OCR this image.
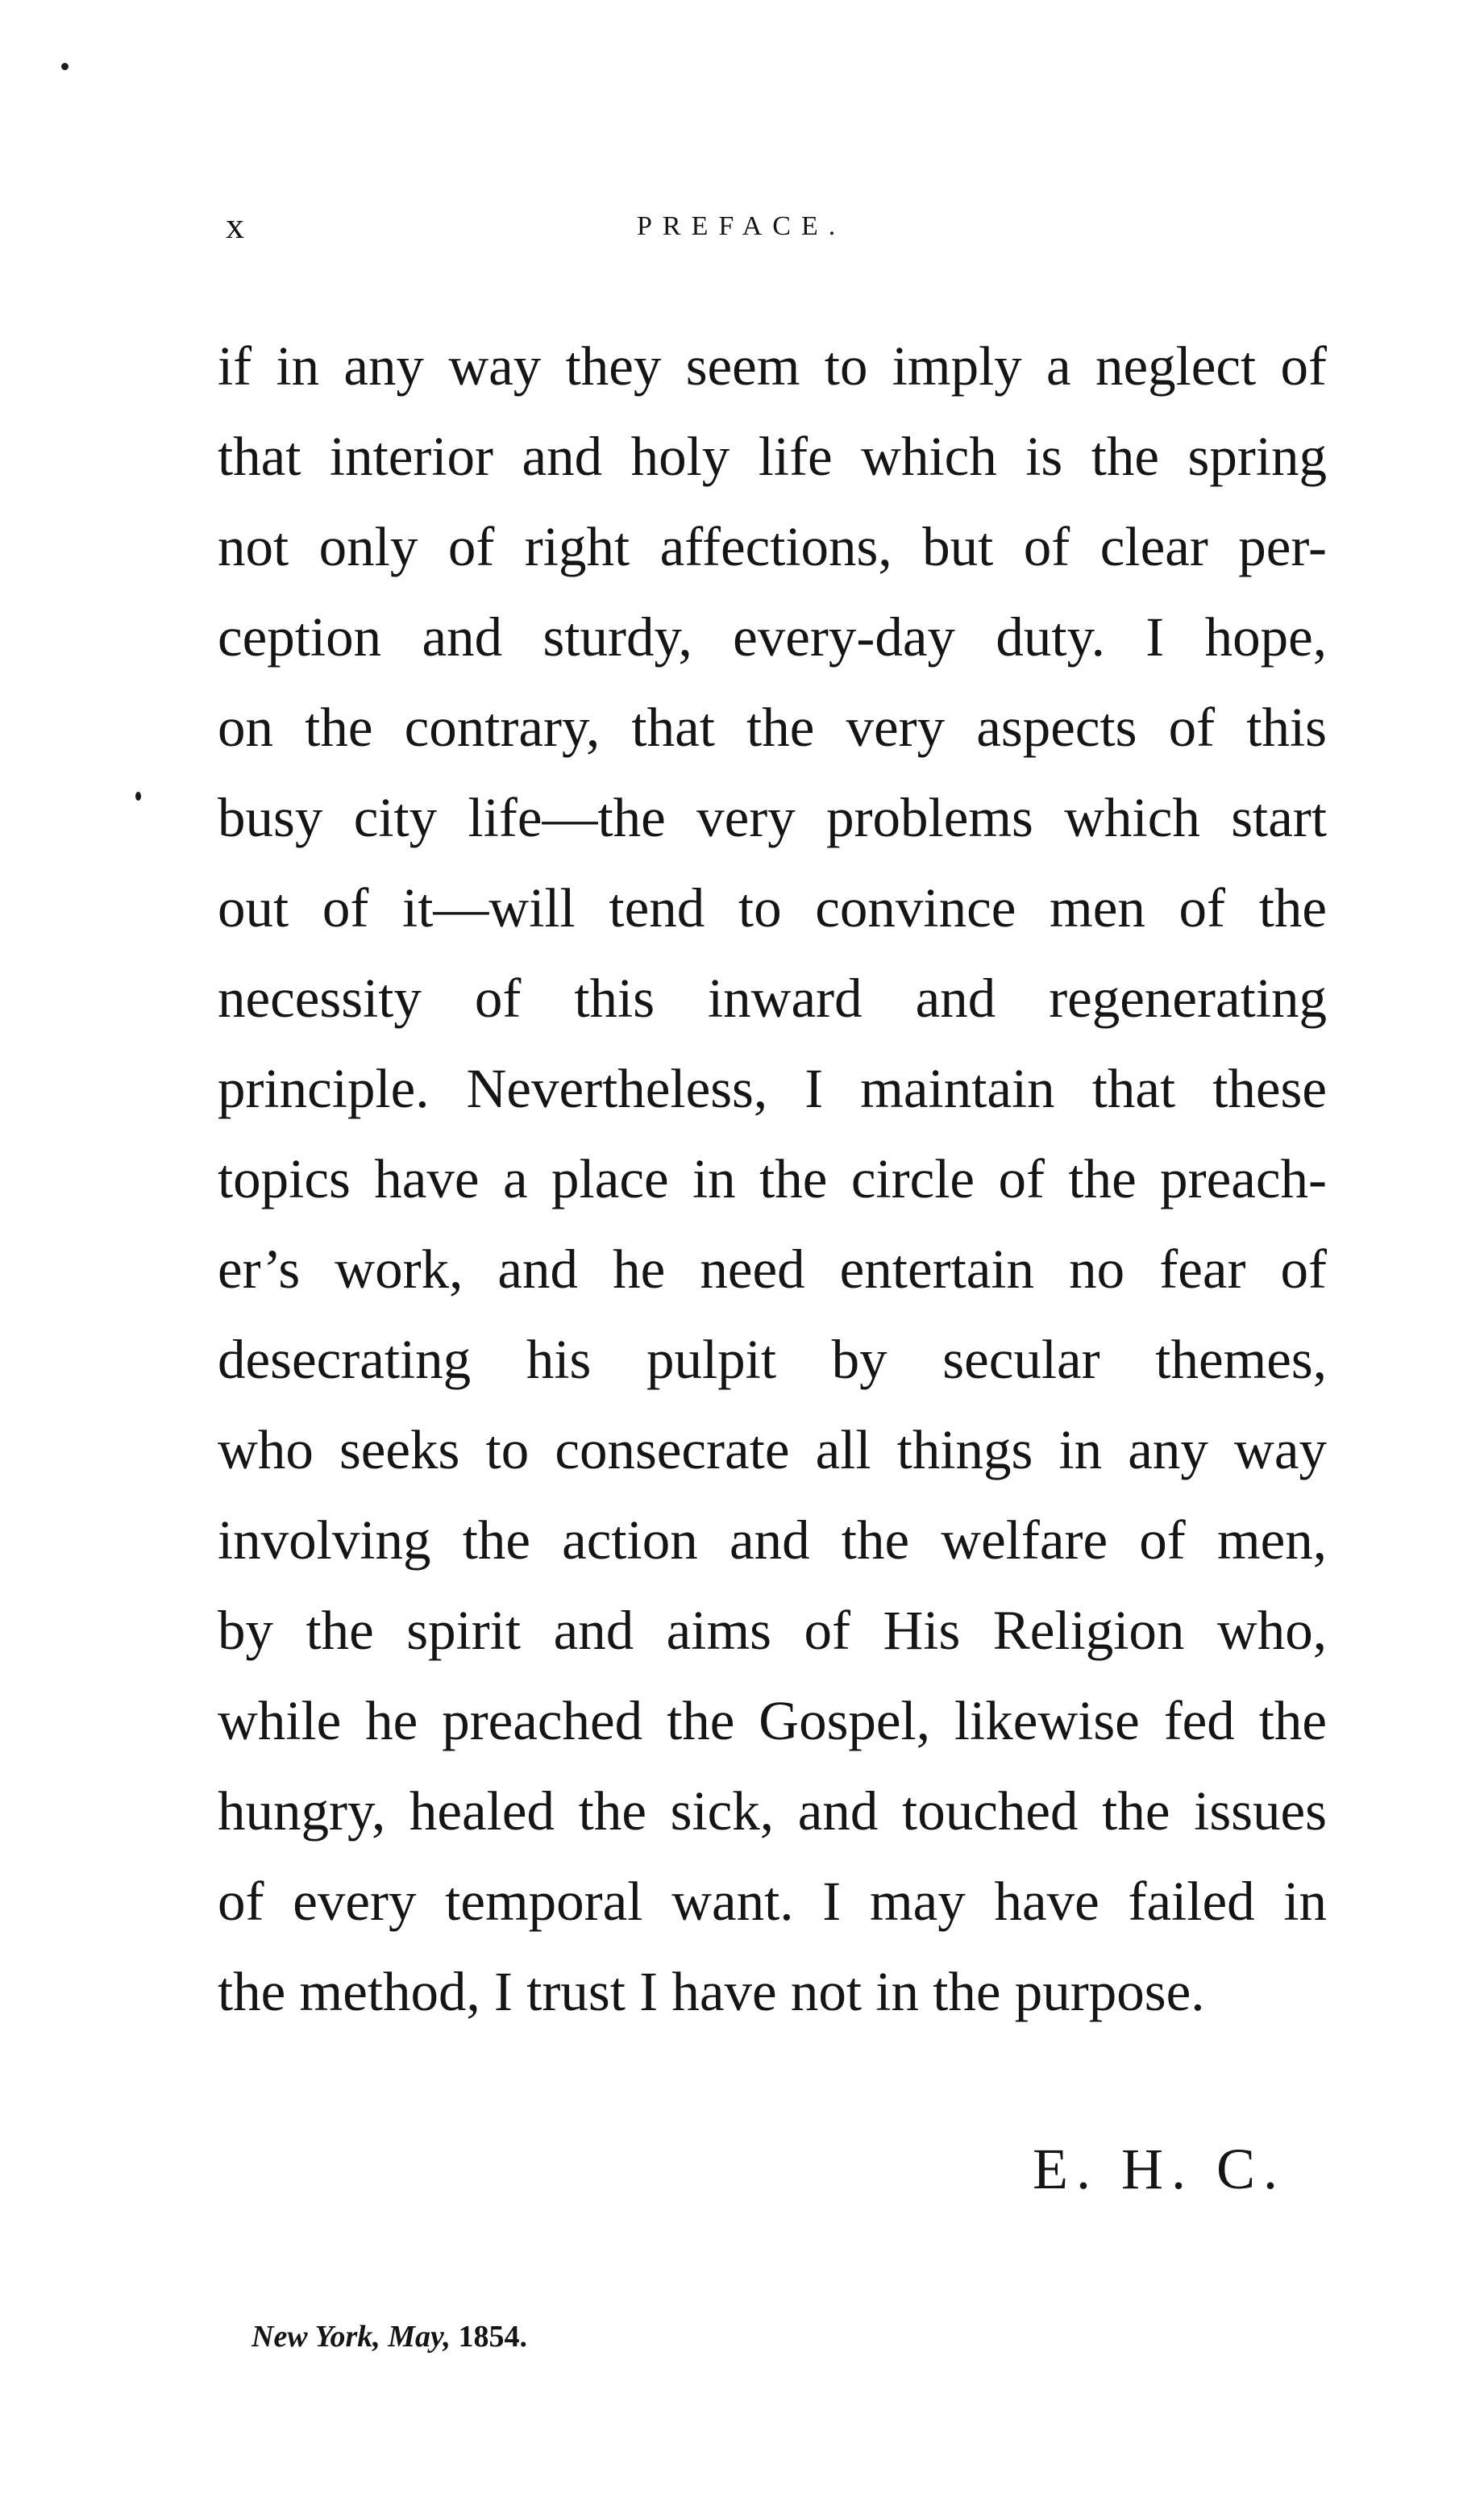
x	PREFACE.
if in any way they seem to imply a neglect of
that interior and holy life which is the spring
not only of right affections, but of clear per-
ception and sturdy, every-day duty. I hope,
on the contrary, that the very aspects of this
busy city life—the very problems which start
out of it—will tend to convince men of the
necessity of this inward and regenerating
principle. Nevertheless, I maintain that these
topics have a place in the circle of the preach-
er’s work, and he need entertain no fear of
desecrating his pulpit by secular themes,
who seeks to consecrate all things in any way
involving the action and the welfare of men,
by the spirit and aims of His Religion who,
while he preached the Gospel, likewise fed the
hungry, healed the sick, and touched the issues
of every temporal want. I may have failed in
the method, I trust I have not in the purpose.
E. H. C.
New York, May, 1854.
